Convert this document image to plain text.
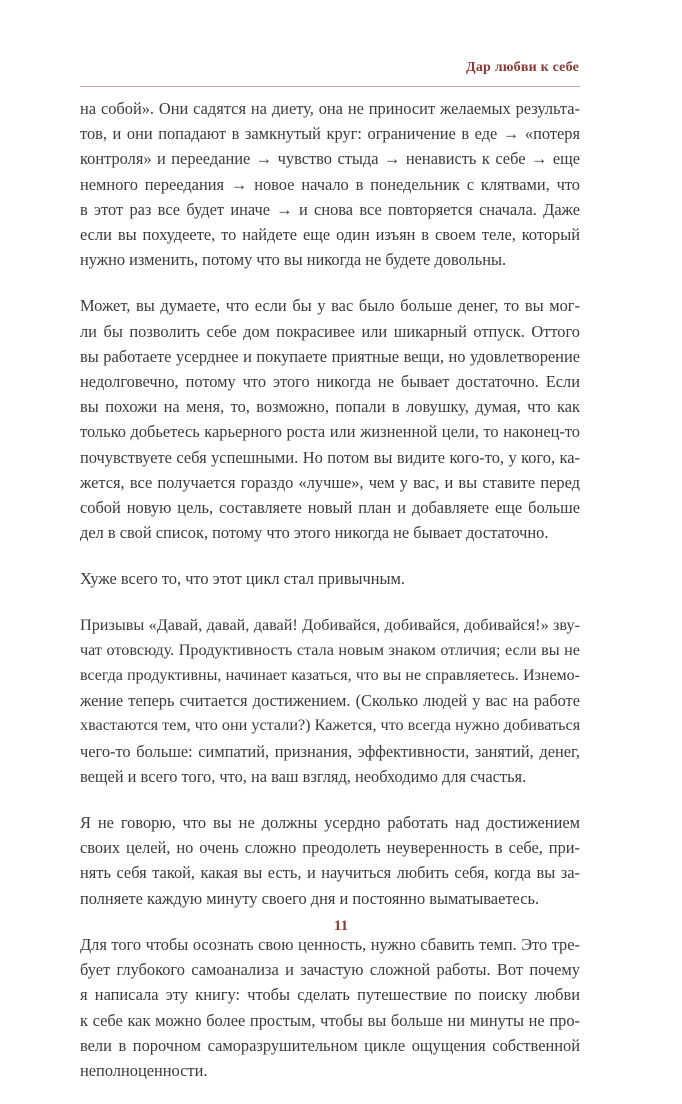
Дар любви к себе

на собой». Они садятся на диету, она не приносит желаемых результа-
тов, и они попадают в замкнутый круг: ограничение в еде → «потеря
контроля» и переедание → чувство стыда → ненависть к себе → еще
немного переедания → новое начало в понедельник с клятвами, что
в этот раз все будет иначе → и снова все повторяется сначала. Даже
если вы похудеете, то найдете еще один изъян в своем теле, который
нужно изменить, потому что вы никогда не будете довольны.

Может, вы думаете, что если бы у вас было больше денег, то вы мог-
ли бы позволить себе дом покрасивее или шикарный отпуск. Оттого
вы работаете усерднее и покупаете приятные вещи, но удовлетворение
недолговечно, потому что этого никогда не бывает достаточно. Если
вы похожи на меня, то, возможно, попали в ловушку, думая, что как
только добьетесь карьерного роста или жизненной цели, то наконец-то
почувствуете себя успешными. Но потом вы видите кого-то, у кого, ка-
жется, все получается гораздо «лучше», чем у вас, и вы ставите перед
собой новую цель, составляете новый план и добавляете еще больше
дел в свой список, потому что этого никогда не бывает достаточно.

Хуже всего то, что этот цикл стал привычным.

Призывы «Давай, давай, давай! Добивайся, добивайся, добивайся!» зву-
чат отовсюду. Продуктивность стала новым знаком отличия; если вы не
всегда продуктивны, начинает казаться, что вы не справляетесь. Изнемо-
жение теперь считается достижением. (Сколько людей у вас на работе
хвастаются тем, что они устали?) Кажется, что всегда нужно добиваться
чего-то больше: симпатий, признания, эффективности, занятий, денег,
вещей и всего того, что, на ваш взгляд, необходимо для счастья.

Я не говорю, что вы не должны усердно работать над достижением
своих целей, но очень сложно преодолеть неуверенность в себе, при-
нять себя такой, какая вы есть, и научиться любить себя, когда вы за-
полняете каждую минуту своего дня и постоянно выматываетесь.

Для того чтобы осознать свою ценность, нужно сбавить темп. Это тре-
бует глубокого самоанализа и зачастую сложной работы. Вот почему
я написала эту книгу: чтобы сделать путешествие по поиску любви
к себе как можно более простым, чтобы вы больше ни минуты не про-
вели в порочном саморазрушительном цикле ощущения собственной
неполноценности.

11
